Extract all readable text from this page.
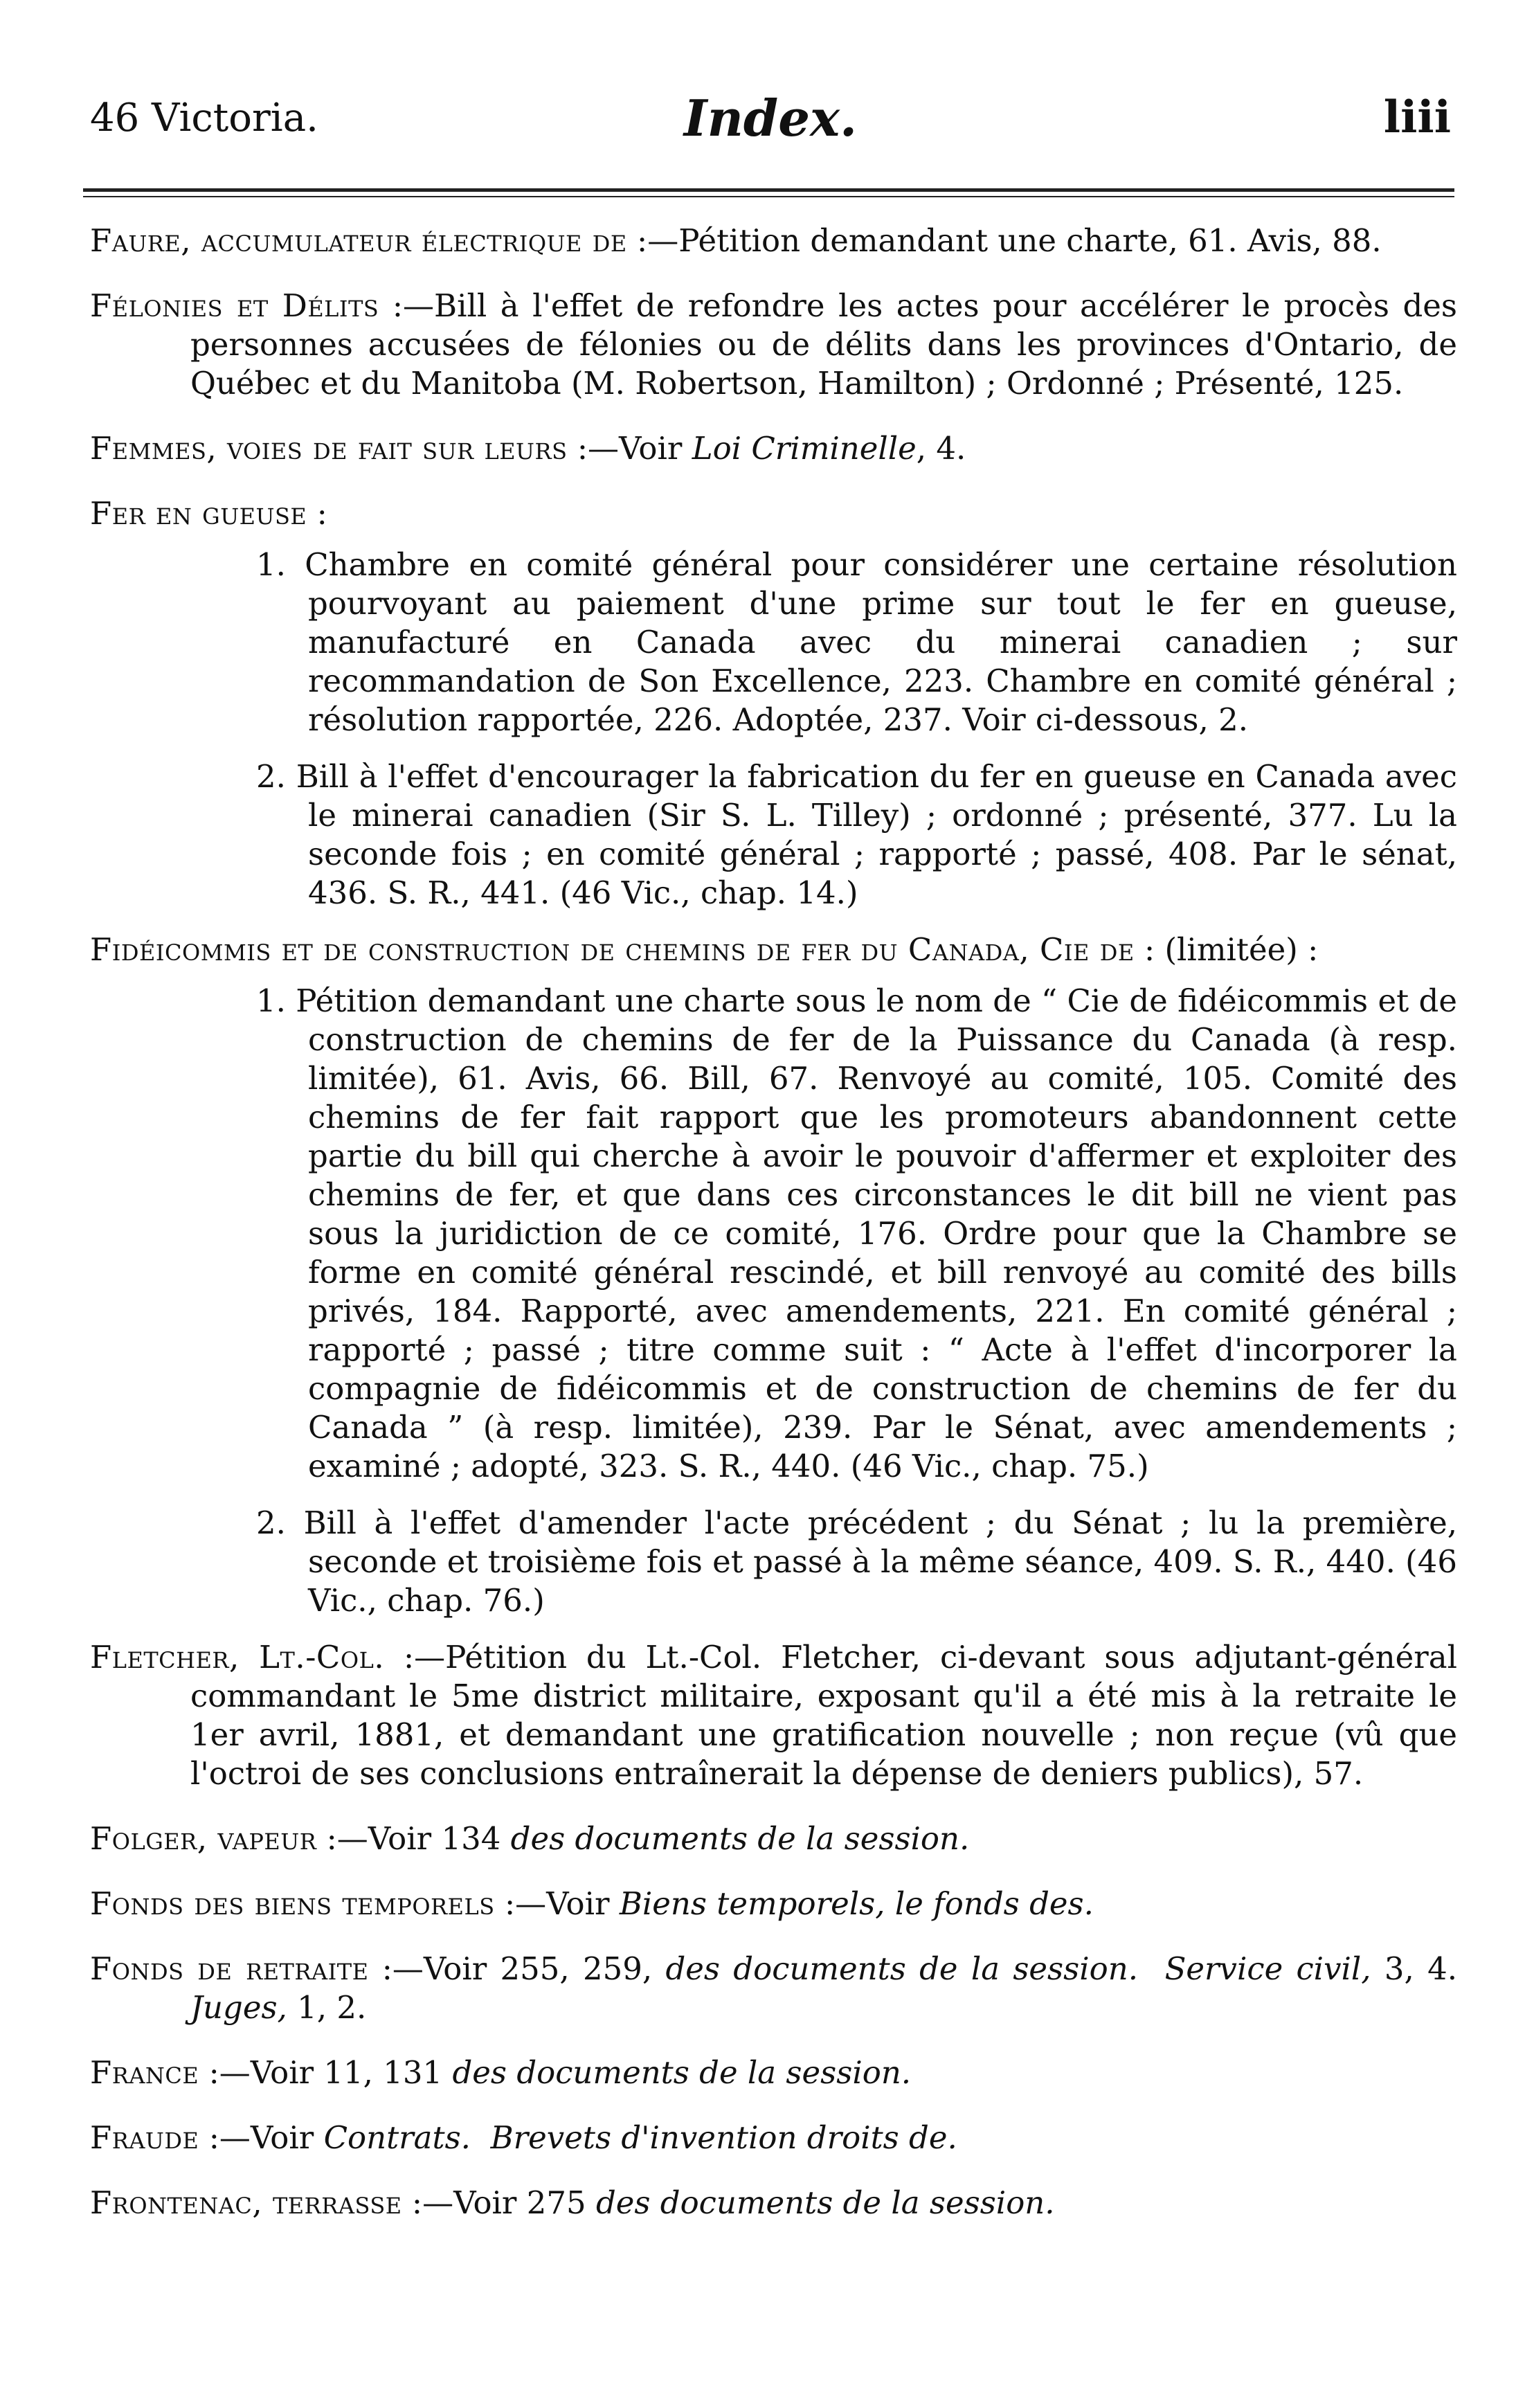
46 Victoria.	Index.	liii

Faure, accumulateur électrique de :—Pétition demandant une charte, 61. Avis, 88.

Félonies et Délits :—Bill à l'effet de refondre les actes pour accélérer le procès des personnes accusées de félonies ou de délits dans les provinces d'Ontario, de Québec et du Manitoba (M. Robertson, Hamilton) ; Ordonné ; Présenté, 125.

Femmes, voies de fait sur leurs :—Voir Loi Criminelle, 4.

Fer en gueuse :

1. Chambre en comité général pour considérer une certaine résolution pourvoyant au paiement d'une prime sur tout le fer en gueuse, manufacturé en Canada avec du minerai canadien ; sur recommandation de Son Excellence, 223. Chambre en comité général ; résolution rapportée, 226. Adoptée, 237. Voir ci-dessous, 2.

2. Bill à l'effet d'encourager la fabrication du fer en gueuse en Canada avec le minerai canadien (Sir S. L. Tilley) ; ordonné ; présenté, 377. Lu la seconde fois ; en comité général ; rapporté ; passé, 408. Par le sénat, 436. S. R., 441. (46 Vic., chap. 14.)

Fidéicommis et de construction de chemins de fer du Canada, Cie de : (limitée) :

1. Pétition demandant une charte sous le nom de “ Cie de fidéicommis et de construction de chemins de fer de la Puissance du Canada (à resp. limitée), 61. Avis, 66. Bill, 67. Renvoyé au comité, 105. Comité des chemins de fer fait rapport que les promoteurs abandonnent cette partie du bill qui cherche à avoir le pouvoir d'affermer et exploiter des chemins de fer, et que dans ces circonstances le dit bill ne vient pas sous la juridiction de ce comité, 176. Ordre pour que la Chambre se forme en comité général rescindé, et bill renvoyé au comité des bills privés, 184. Rapporté, avec amendements, 221. En comité général ; rapporté ; passé ; titre comme suit : “ Acte à l'effet d'incorporer la compagnie de fidéicommis et de construction de chemins de fer du Canada ” (à resp. limitée), 239. Par le Sénat, avec amendements ; examiné ; adopté, 323. S. R., 440. (46 Vic., chap. 75.)

2. Bill à l'effet d'amender l'acte précédent ; du Sénat ; lu la première, seconde et troisième fois et passé à la même séance, 409. S. R., 440. (46 Vic., chap. 76.)

Fletcher, Lt.-Col. :—Pétition du Lt.-Col. Fletcher, ci-devant sous adjutant-général commandant le 5me district militaire, exposant qu'il a été mis à la retraite le 1er avril, 1881, et demandant une gratification nouvelle ; non reçue (vû que l'octroi de ses conclusions entraînerait la dépense de deniers publics), 57.

Folger, vapeur :—Voir 134 des documents de la session.

Fonds des biens temporels :—Voir Biens temporels, le fonds des.

Fonds de retraite :—Voir 255, 259, des documents de la session. Service civil, 3, 4. Juges, 1, 2.

France :—Voir 11, 131 des documents de la session.

Fraude :—Voir Contrats. Brevets d'invention droits de.

Frontenac, terrasse :—Voir 275 des documents de la session.
